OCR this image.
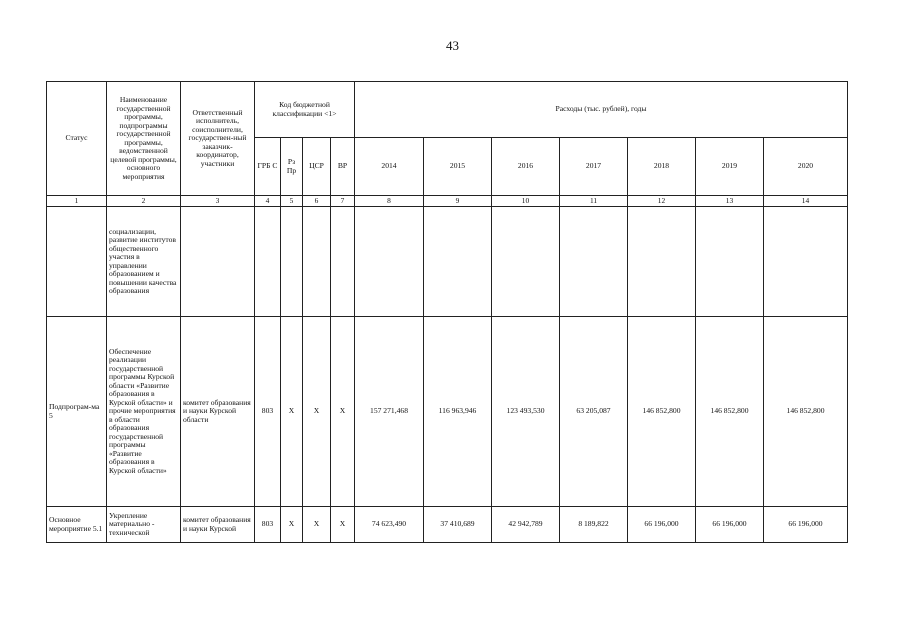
43
Статус	Наименование государственной программы, подпрограммы государственной программы, ведомственной целевой программы, основного мероприятия	Ответственный исполнитель, соисполнители, государствен-ный заказчик-координатор, участники	Код бюджетной классификации <1>				Расходы (тыс. рублей), годы						
			ГРБ С	Рз Пр	ЦСР	ВР	2014	2015	2016	2017	2018	2019	2020
1	2	3	4	5	6	7	8	9	10	11	12	13	14
	социализации, развитие институтов общественного участия в управлении образованием и повышении качества образования												
Подпрограм-ма 5	Обеспечение реализации государственной программы Курской области «Развитие образования в Курской области» и прочие мероприятия в области образования государственной программы «Развитие образования в Курской области»	комитет образования и науки Курской области	803	Х	Х	Х	157 271,468	116 963,946	123 493,530	63 205,087	146 852,800	146 852,800	146 852,800
Основное мероприятие 5.1	Укрепление материально - технической	комитет образования и науки Курской	803	Х	Х	Х	74 623,490	37 410,689	42 942,789	8 189,822	66 196,000	66 196,000	66 196,000
